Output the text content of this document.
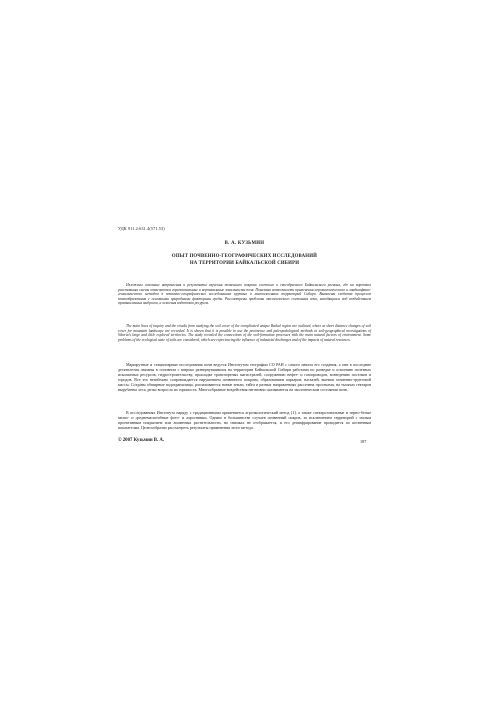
УДК 911.2:631.4(571.53)
В. А. КУЗЬМИН
ОПЫТ ПОЧВЕННО-ГЕОГРАФИЧЕСКИХ ИССЛЕДОВАНИЙ
НА ТЕРРИТОРИИ БАЙКАЛЬСКОЙ СИБИРИ
Изложены основные направления и результаты изучения почвенного покрова сложного и своеобразного Байкальского региона, где на коротких расстояниях смены отмечаются горизонтальные и вертикальные зональности почв. Показаны возможности применения агроэкологического и ландшафтно-геохимического методов в почвенно-географических исследованиях крупных и малоосвоенных территорий Сибири. Выявлены сходства процессов почвообразования с основными природными факторами среды. Рассмотрены проблемы экологического состояния почв, находящихся под воздействием промышленных выбросов, и освоения водотоков ресурсов.
The main lines of inquiry and the results from studying the soil cover of the complicated unique Baikal region are outlined, where at short distance changes of soil cover for mountain landscape are recorded. It is shown that it is possible to use the pertinence and paleopedological methods in soil-geographical investigations of Siberia's large and little explored territories. The study revealed the connections of the soil-formation processes with the main natural factors of environment. Some problems of the ecological state of soils are considered, which are experiencing the influence of industrial discharges and of the impacts of natural resources.
Маршрутные и стационарные исследования почв ведутся Институтом географии СО РАН с самого начала его создания, а они в последние десятилетия связаны в основном с широко развернувшимися на территории Байкальской Сибири работами по разведке и освоению полезных ископаемых ресурсов, гидростроительству, прокладке транспортных магистралей, сооружению нефте- и газопроводов, возведению поселков и городов. Все это неизбежно сопровождается нарушением почвенного покрова, образованием карьеров, насыпей, выемок почвенно-грунтовой массы. Созданы обширные водохранилища, распахиваются новые земли, тайга в разных направлениях рассечена просеками, на тысячах гектаров вырублены леса, резко возросла их горимость. Многообразные воздействия негативно сказываются на экологическом состоянии почв.
В исследованиях Института наряду с традиционными применяется агроэкологический метод [1], а также спектрозональные и черно-белые мелко- и среднемасштабные фото- и аэроснимки. Однако в большинстве случаев почвенный покров, за исключением территорий с малым проективным покрытием или лишенных растительности, на снимках не отображается, и его дешифрирование проводится по косвенным показателям. Целесообразно рассмотреть результаты применения этого метода.
© 2007 Кузьмин В. А.	187
